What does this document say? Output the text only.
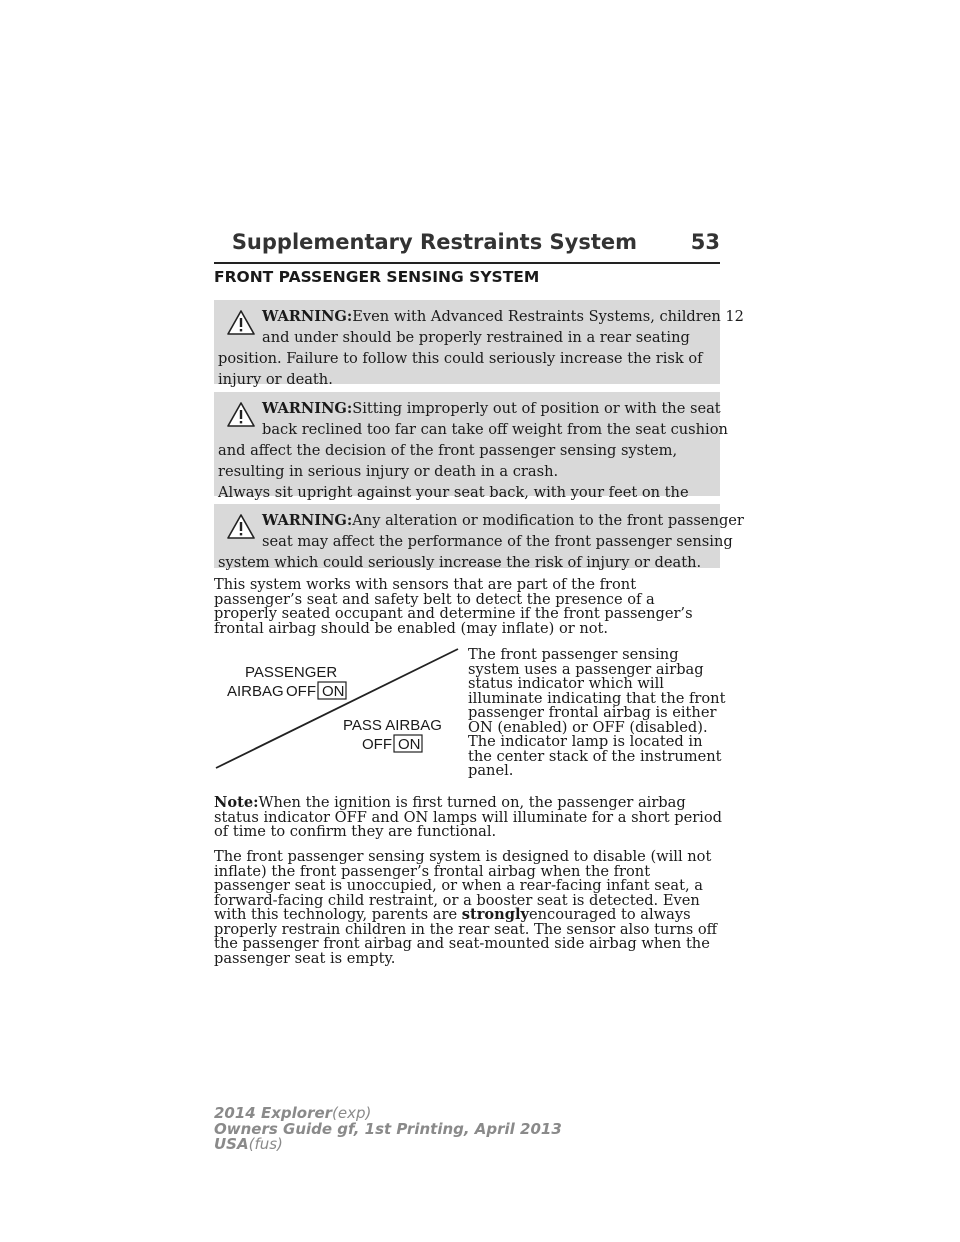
Supplementary Restraints System	53
FRONT PASSENGER SENSING SYSTEM
WARNING:Even with Advanced Restraints Systems, children 12
and under should be properly restrained in a rear seating
position. Failure to follow this could seriously increase the risk of injury or death.
WARNING:Sitting improperly out of position or with the seat
back reclined too far can take off weight from the seat cushion
and affect the decision of the front passenger sensing system, resulting in serious injury or death in a crash.
Always sit upright against your seat back, with your feet on the
WARNING:Any alteration or modification to the front passenger
seat may affect the performance of the front passenger sensing
system which could seriously increase the risk of injury or death.
This system works with sensors that are part of the front passenger’s seat and safety belt to detect the presence of a properly seated occupant and determine if the front passenger’s frontal airbag should be enabled (may inflate) or not.
PASSENGER
AIRBAG OFF ON
PASS AIRBAG
OFF ON
The front passenger sensing system uses a passenger airbag status indicator which will illuminate indicating that the front passenger frontal airbag is either ON (enabled) or OFF (disabled). The indicator lamp is located in the center stack of the instrument panel.
Note:When the ignition is first turned on, the passenger airbag status indicator OFF and ON lamps will illuminate for a short period of time to confirm they are functional.
The front passenger sensing system is designed to disable (will not inflate) the front passenger’s frontal airbag when the front passenger seat is unoccupied, or when a rear-facing infant seat, a forward-facing child restraint, or a booster seat is detected. Even with this technology, parents are stronglyencouraged to always properly restrain children in the rear seat. The sensor also turns off the passenger front airbag and seat-mounted side airbag when the passenger seat is empty.
2014 Explorer(exp)
Owners Guide gf, 1st Printing, April 2013
USA(fus)
